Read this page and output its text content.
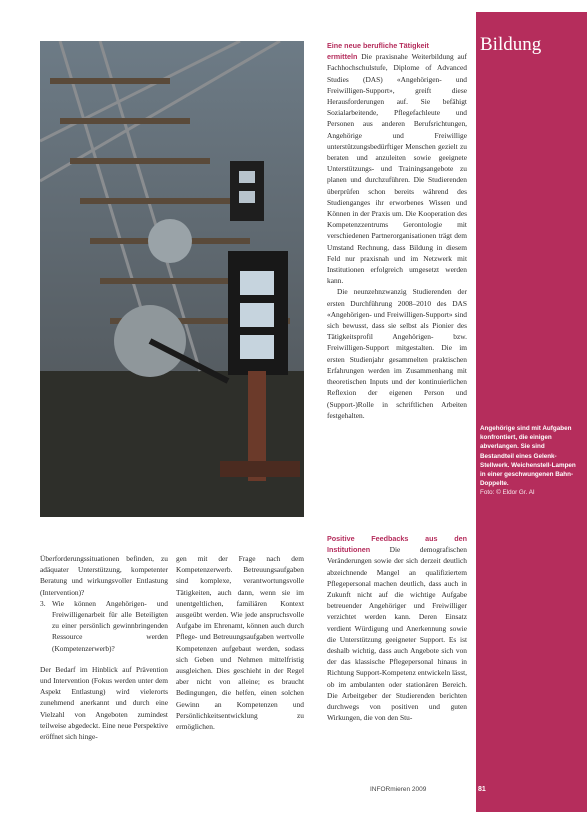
Bildung

Angehörige sind mit Aufgaben konfrontiert, die einigen abverlangen. Sie sind Bestandteil eines Gelenk-Stellwerk. Weichenstell-Lampen in einer geschwungenen Bahn-Doppelte.
Foto: © Eldor Gr. AI

81

INFORmieren 2009

Eine neue berufliche Tätigkeit
ermitteln Die praxisnahe Weiterbildung auf Fachhochschulstufe, Diplome of Advanced Studies (DAS) «Angehörigen- und Freiwilligen-Support», greift diese Herausforderungen auf. Sie befähigt Sozialarbeitende, Pflegefachleute und Personen aus anderen Berufsrichtungen, Angehörige und Freiwillige unterstützungsbedürftiger Menschen gezielt zu beraten und anzuleiten sowie geeignete Unterstützungs- und Trainingsangebote zu planen und durchzuführen. Die Studierenden überprüfen schon bereits während des Studienganges ihr erworbenes Wissen und Können in der Praxis um. Die Kooperation des Kompetenzzentrums Gerontologie mit verschiedenen Partnerorganisationen trägt dem Umstand Rechnung, dass Bildung in diesem Feld nur praxisnah und im Netzwerk mit Institutionen erfolgreich umgesetzt werden kann.

Die neunzehnzwanzig Studierenden der ersten Durchführung 2008–2010 des DAS «Angehörigen- und Freiwilligen-Support» sind sich bewusst, dass sie selbst als Pionier des Tätigkeitsprofil Angehörigen- bzw. Freiwilligen-Support mitgestalten. Die im ersten Studienjahr gesammelten praktischen Erfahrungen werden im Zusammenhang mit theoretischen Inputs und der kontinuierlichen Reflexion der eigenen Person und (Support-)Rolle in schriftlichen Arbeiten festgehalten.

Positive Feedbacks aus den Institutionen	Die demografischen Veränderungen sowie der sich derzeit deutlich abzeichnende Mangel an qualifiziertem Pflegepersonal machen deutlich, dass auch in Zukunft nicht auf die wichtige Aufgabe betreuender Angehöriger und Freiwilliger verzichtet werden kann. Deren Einsatz verdient Würdigung und Anerkennung sowie die Unterstützung geeigneter Support. Es ist deshalb wichtig, dass auch Angebote sich von der das klassische Pflegepersonal hinaus in Richtung Support-Kompetenz entwickeln lässt, ob im ambulanten oder stationären Bereich. Die Arbeitgeber der Studierenden berichten durchwegs von positiven und guten Wirkungen, die von den Stu-

Überforderungssituationen befinden, zu adäquater Unterstützung, kompetenter Beratung und wirkungsvoller Entlastung (Intervention)?

3. Wie können Angehörigen- und Freiwilligenarbeit für alle Beteiligten zu einer persönlich gewinnbringenden Ressource werden (Kompetenzerwerb)?

Der Bedarf im Hinblick auf Prävention und Intervention (Fokus werden unter dem Aspekt Entlastung) wird vielerorts zunehmend anerkannt und durch eine Vielzahl von Angeboten zumindest teilweise abgedeckt. Eine neue Perspektive eröffnet sich hinge-

gen mit der Frage nach dem Kompetenzerwerb. Betreuungsaufgaben sind komplexe, verantwortungsvolle Tätigkeiten, auch dann, wenn sie im unentgeltlichen, familiären Kontext ausgeübt werden. Wie jede anspruchsvolle Aufgabe im Ehrenamt, können auch durch Pflege- und Betreuungsaufgaben wertvolle Kompetenzen aufgebaut werden, sodass sich Geben und Nehmen mittelfristig ausgleichen. Dies geschieht in der Regel aber nicht von alleine; es braucht Bedingungen, die helfen, einen solchen Gewinn an Kompetenzen und Persönlichkeitsentwicklung zu ermöglichen.
